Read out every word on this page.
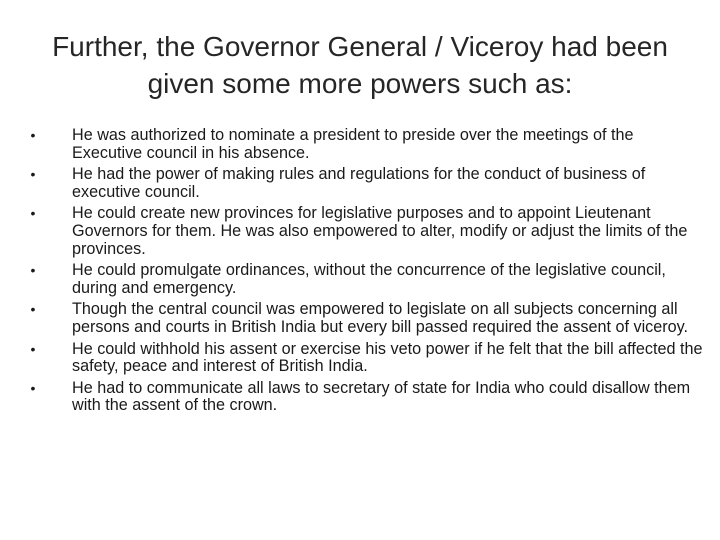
Further, the Governor General / Viceroy had been given some more powers such as:
• He was authorized to nominate a president to preside over the meetings of the Executive council in his absence.
• He had the power of making rules and regulations for the conduct of business of executive council.
• He could create new provinces for legislative purposes and to appoint Lieutenant Governors for them. He was also empowered to alter, modify or adjust the limits of the provinces.
• He could promulgate ordinances, without the concurrence of the legislative council, during and emergency.
• Though the central council was empowered to legislate on all subjects concerning all persons and courts in British India but every bill passed required the assent of viceroy.
• He could withhold his assent or exercise his veto power if he felt that the bill affected the safety, peace and interest of British India.
• He had to communicate all laws to secretary of state for India who could disallow them with the assent of the crown.
